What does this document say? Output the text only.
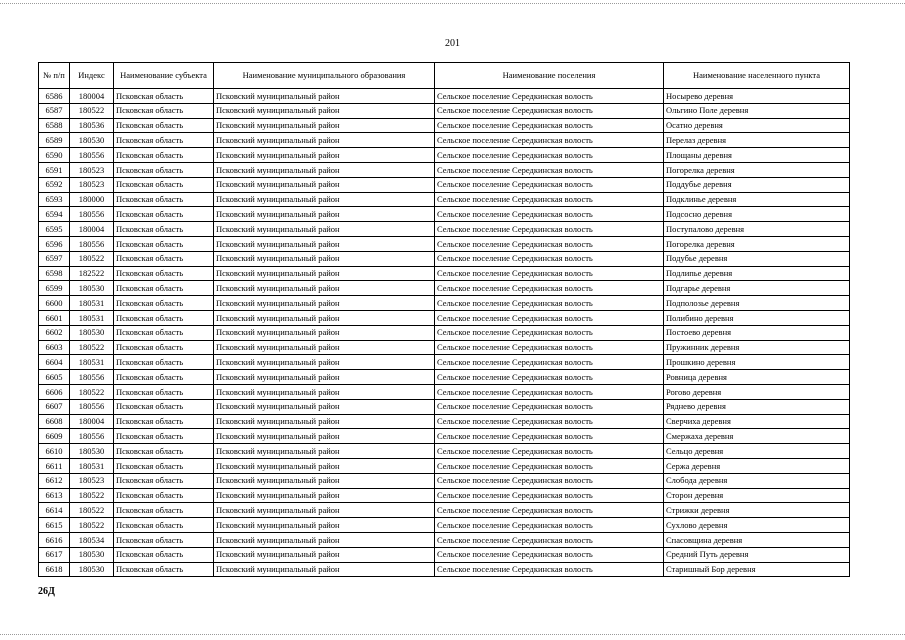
201
№ п/п	Индекс	Наименование субъекта	Наименование муниципального образования	Наименование поселения	Наименование населенного пункта
6586	180004	Псковская область	Псковский муниципальный район	Сельское поселение Середкинская волость	Носырево деревня
6587	180522	Псковская область	Псковский муниципальный район	Сельское поселение Середкинская волость	Ольгино Поле деревня
6588	180536	Псковская область	Псковский муниципальный район	Сельское поселение Середкинская волость	Осатно деревня
6589	180530	Псковская область	Псковский муниципальный район	Сельское поселение Середкинская волость	Перелаз деревня
6590	180556	Псковская область	Псковский муниципальный район	Сельское поселение Середкинская волость	Площаны деревня
6591	180523	Псковская область	Псковский муниципальный район	Сельское поселение Середкинская волость	Погорелка деревня
6592	180523	Псковская область	Псковский муниципальный район	Сельское поселение Середкинская волость	Поддубье деревня
6593	180000	Псковская область	Псковский муниципальный район	Сельское поселение Середкинская волость	Подклинье деревня
6594	180556	Псковская область	Псковский муниципальный район	Сельское поселение Середкинская волость	Подсосно деревня
6595	180004	Псковская область	Псковский муниципальный район	Сельское поселение Середкинская волость	Поступалово деревня
6596	180556	Псковская область	Псковский муниципальный район	Сельское поселение Середкинская волость	Погорелка деревня
6597	180522	Псковская область	Псковский муниципальный район	Сельское поселение Середкинская волость	Подубье деревня
6598	182522	Псковская область	Псковский муниципальный район	Сельское поселение Середкинская волость	Подлипье деревня
6599	180530	Псковская область	Псковский муниципальный район	Сельское поселение Середкинская волость	Подгарье деревня
6600	180531	Псковская область	Псковский муниципальный район	Сельское поселение Середкинская волость	Подполозье деревня
6601	180531	Псковская область	Псковский муниципальный район	Сельское поселение Середкинская волость	Полибино деревня
6602	180530	Псковская область	Псковский муниципальный район	Сельское поселение Середкинская волость	Постоево деревня
6603	180522	Псковская область	Псковский муниципальный район	Сельское поселение Середкинская волость	Пружинник деревня
6604	180531	Псковская область	Псковский муниципальный район	Сельское поселение Середкинская волость	Прошкино деревня
6605	180556	Псковская область	Псковский муниципальный район	Сельское поселение Середкинская волость	Ровница деревня
6606	180522	Псковская область	Псковский муниципальный район	Сельское поселение Середкинская волость	Рогово деревня
6607	180556	Псковская область	Псковский муниципальный район	Сельское поселение Середкинская волость	Ряднево деревня
6608	180004	Псковская область	Псковский муниципальный район	Сельское поселение Середкинская волость	Сверчиха деревня
6609	180556	Псковская область	Псковский муниципальный район	Сельское поселение Середкинская волость	Смержаха деревня
6610	180530	Псковская область	Псковский муниципальный район	Сельское поселение Середкинская волость	Сельцо деревня
6611	180531	Псковская область	Псковский муниципальный район	Сельское поселение Середкинская волость	Сержа деревня
6612	180523	Псковская область	Псковский муниципальный район	Сельское поселение Середкинская волость	Слобода деревня
6613	180522	Псковская область	Псковский муниципальный район	Сельское поселение Середкинская волость	Сторон деревня
6614	180522	Псковская область	Псковский муниципальный район	Сельское поселение Середкинская волость	Стрижки деревня
6615	180522	Псковская область	Псковский муниципальный район	Сельское поселение Середкинская волость	Сухлово деревня
6616	180534	Псковская область	Псковский муниципальный район	Сельское поселение Середкинская волость	Спасовщина деревня
6617	180530	Псковская область	Псковский муниципальный район	Сельское поселение Середкинская волость	Средний Путь деревня
6618	180530	Псковская область	Псковский муниципальный район	Сельское поселение Середкинская волость	Старишный Бор деревня
26Д
